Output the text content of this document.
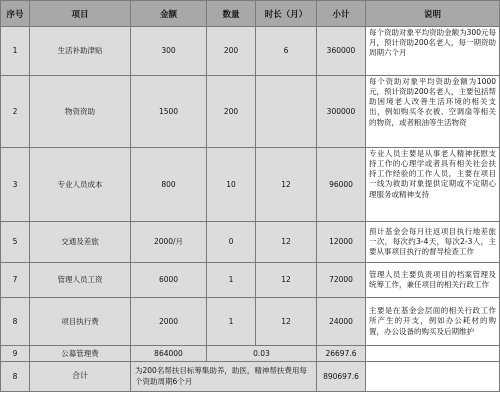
序号	项目	金额	数量	时长（月）	小计	说明
1	生活补助津贴	300	200	6	360000	每个资助对象平均资助金额为300元每月，预计资助200名老人，每一期资助周期六个月
2	物资资助	1500	200		300000	每个资助对象平均资助金额为1000元，预计资助200名老人，主要包括帮助困境老人改善生活环境的相关支出，例如购买冬衣被、空调扇等相关的物资，或者粮油等生活物资
3	专业人员成本	800	10	12	96000	专业人员主要是从事老人精神抚慰支持工作的心理学或者具有相关社会扶持工作经验的工作人员，主要在项目一线为救助对象提供定期或不定期心理服务或精神支持
5	交通及差旅	2000/月	0	12	12000	预计基金会每月往返项目执行地差旅一次，每次约3-4天，每次2-3人，主要从事项目执行的督导检查工作
7	管理人员工资	6000	1	12	72000	管理人员主要负责项目的档案管理及统筹工作，兼任项目的相关行政工作
8	项目执行费	2000	1	12	24000	主要是在基金会层面的相关行政工作所产生的开支，例如办公耗材的购置，办公设备的购买及后期维护
9	公募管理费	864000	0.03		26697.6	
8	合计	为200名帮扶目标筹集助养，助医，精神帮扶费用每个资助周期6个月			890697.6	
